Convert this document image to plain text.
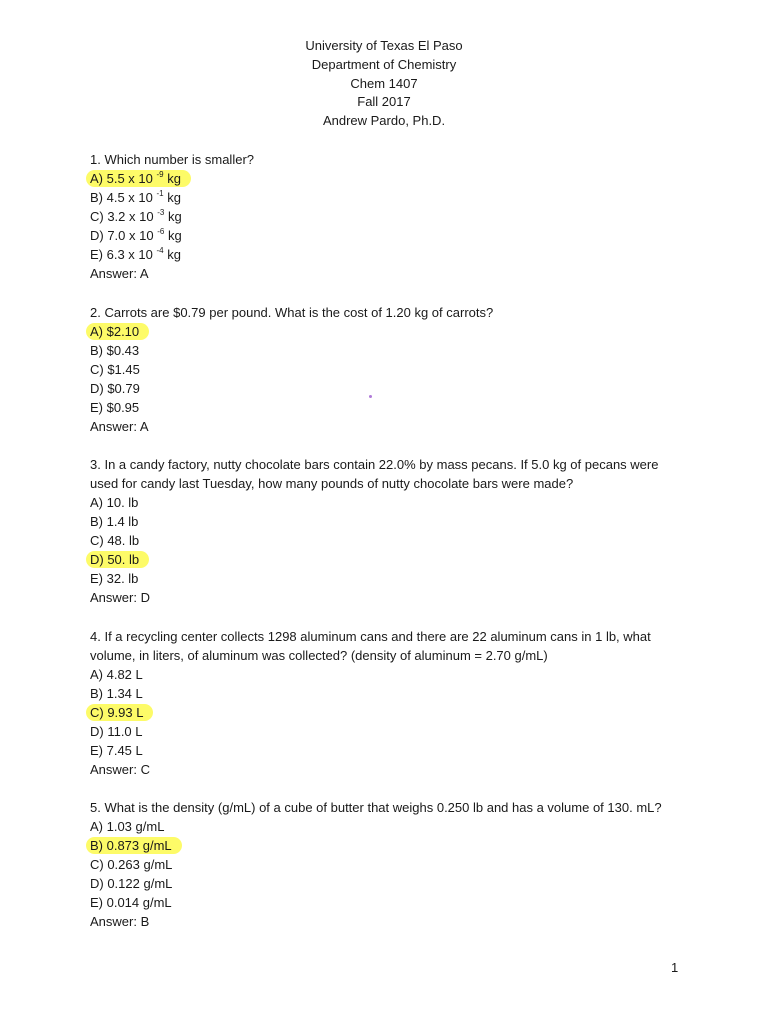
University of Texas El Paso
Department of Chemistry
Chem 1407
Fall 2017
Andrew Pardo, Ph.D.
1. Which number is smaller?
A) 5.5 x 10 $^{-9}$ kg
B) 4.5 x 10 $^{-1}$ kg
C) 3.2 x 10 $^{-3}$ kg
D) 7.0 x 10 $^{-6}$ kg
E) 6.3 x 10 $^{-4}$ kg
Answer: A
2. Carrots are $0.79 per pound. What is the cost of 1.20 kg of carrots?
A) $2.10
B) $0.43
C) $1.45
D) $0.79
E) $0.95
Answer: A
3. In a candy factory, nutty chocolate bars contain 22.0% by mass pecans. If 5.0 kg of pecans were used for candy last Tuesday, how many pounds of nutty chocolate bars were made?
A) 10. lb
B) 1.4 lb
C) 48. lb
D) 50. lb
E) 32. lb
Answer: D
4. If a recycling center collects 1298 aluminum cans and there are 22 aluminum cans in 1 lb, what volume, in liters, of aluminum was collected? (density of aluminum = 2.70 g/mL)
A) 4.82 L
B) 1.34 L
C) 9.93 L
D) 11.0 L
E) 7.45 L
Answer: C
5. What is the density (g/mL) of a cube of butter that weighs 0.250 lb and has a volume of 130. mL?
A) 1.03 g/mL
B) 0.873 g/mL
C) 0.263 g/mL
D) 0.122 g/mL
E) 0.014 g/mL
Answer: B
1
